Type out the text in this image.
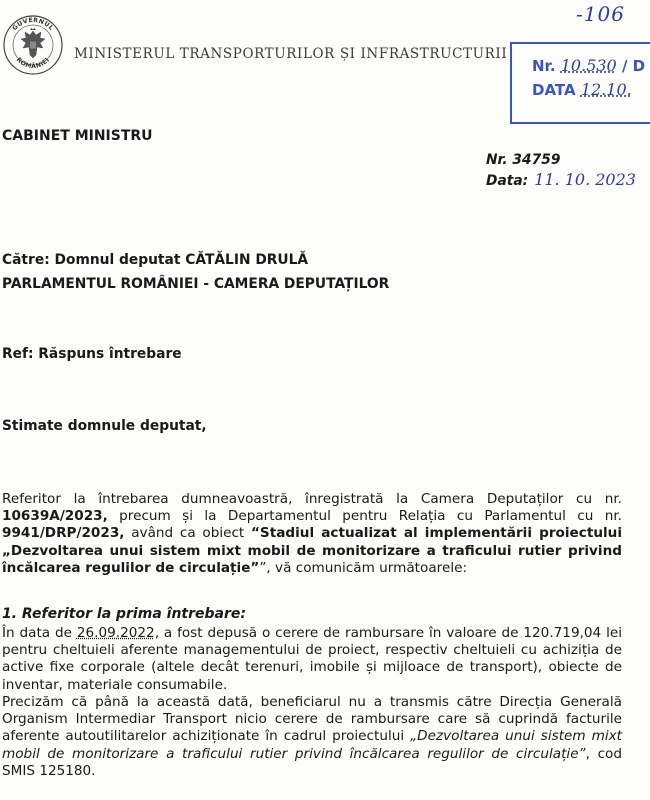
GUVERNUL
ROMÂNIEI MINISTERUL TRANSPORTURILOR ȘI INFRASTRUCTURII
-106
Nr. 10.530 / D
DATA 12.10.
CABINET MINISTRU
Nr. 34759
Data: 11. 10. 2023
Către: Domnul deputat CĂTĂLIN DRULĂ
PARLAMENTUL ROMÂNIEI - CAMERA DEPUTAȚILOR
Ref: Răspuns întrebare
Stimate domnule deputat,
Referitor la întrebarea dumneavoastră, înregistrată la Camera Deputaților cu nr.
10639A/2023, precum și la Departamentul pentru Relația cu Parlamentul cu nr.
9941/DRP/2023, având ca obiect “Stadiul actualizat al implementării proiectului
„Dezvoltarea unui sistem mixt mobil de monitorizare a traficului rutier privind
încălcarea regulilor de circulație””, vă comunicăm următoarele:
1. Referitor la prima întrebare:
În data de 26.09.2022, a fost depusă o cerere de rambursare în valoare de 120.719,04 lei
pentru cheltuieli aferente managementului de proiect, respectiv cheltuieli cu achiziția de
active fixe corporale (altele decât terenuri, imobile și mijloace de transport), obiecte de
inventar, materiale consumabile.
Precizăm că până la această dată, beneficiarul nu a transmis către Direcția Generală
Organism Intermediar Transport nicio cerere de rambursare care să cuprindă facturile
aferente autoutilitarelor achiziționate în cadrul proiectului „Dezvoltarea unui sistem mixt
mobil de monitorizare a traficului rutier privind încălcarea regulilor de circulație”, cod
SMIS 125180.
